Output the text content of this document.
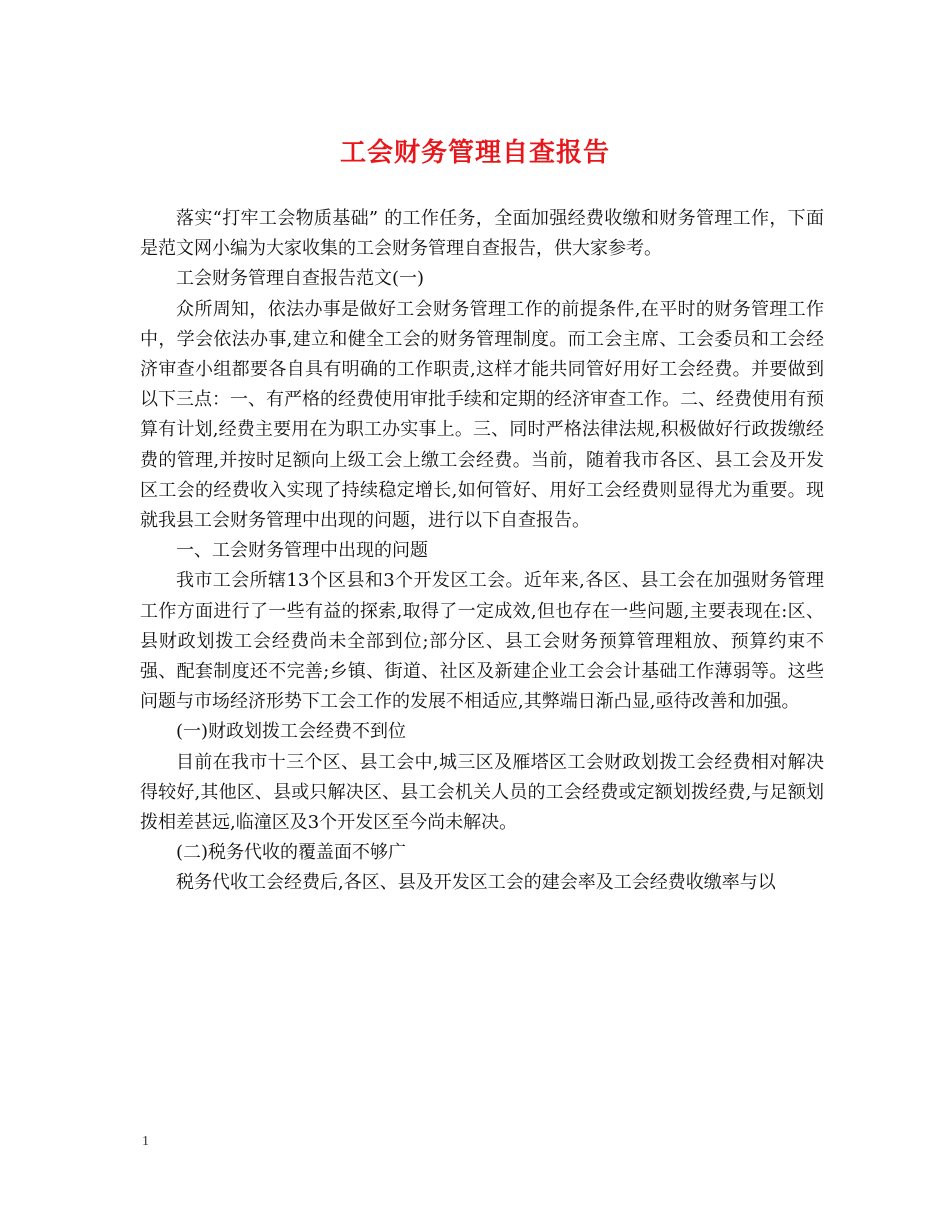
工会财务管理自查报告

落实“打牢工会物质基础” 的工作任务，全面加强经费收缴和财务管理工作，下面是范文网小编为大家收集的工会财务管理自查报告，供大家参考。

工会财务管理自查报告范文(一)

众所周知，依法办事是做好工会财务管理工作的前提条件,在平时的财务管理工作中，学会依法办事,建立和健全工会的财务管理制度。而工会主席、工会委员和工会经济审查小组都要各自具有明确的工作职责,这样才能共同管好用好工会经费。并要做到以下三点：一、有严格的经费使用审批手续和定期的经济审查工作。二、经费使用有预算有计划,经费主要用在为职工办实事上。三、同时严格法律法规,积极做好行政拨缴经费的管理,并按时足额向上级工会上缴工会经费。当前，随着我市各区、县工会及开发区工会的经费收入实现了持续稳定增长,如何管好、用好工会经费则显得尤为重要。现就我县工会财务管理中出现的问题，进行以下自查报告。

一、工会财务管理中出现的问题

我市工会所辖13个区县和3个开发区工会。近年来,各区、县工会在加强财务管理工作方面进行了一些有益的探索,取得了一定成效,但也存在一些问题,主要表现在:区、县财政划拨工会经费尚未全部到位;部分区、县工会财务预算管理粗放、预算约束不强、配套制度还不完善;乡镇、街道、社区及新建企业工会会计基础工作薄弱等。这些问题与市场经济形势下工会工作的发展不相适应,其弊端日渐凸显,亟待改善和加强。

(一)财政划拨工会经费不到位

目前在我市十三个区、县工会中,城三区及雁塔区工会财政划拨工会经费相对解决得较好,其他区、县或只解决区、县工会机关人员的工会经费或定额划拨经费,与足额划拨相差甚远,临潼区及3个开发区至今尚未解决。

(二)税务代收的覆盖面不够广

税务代收工会经费后,各区、县及开发区工会的建会率及工会经费收缴率与以

1
